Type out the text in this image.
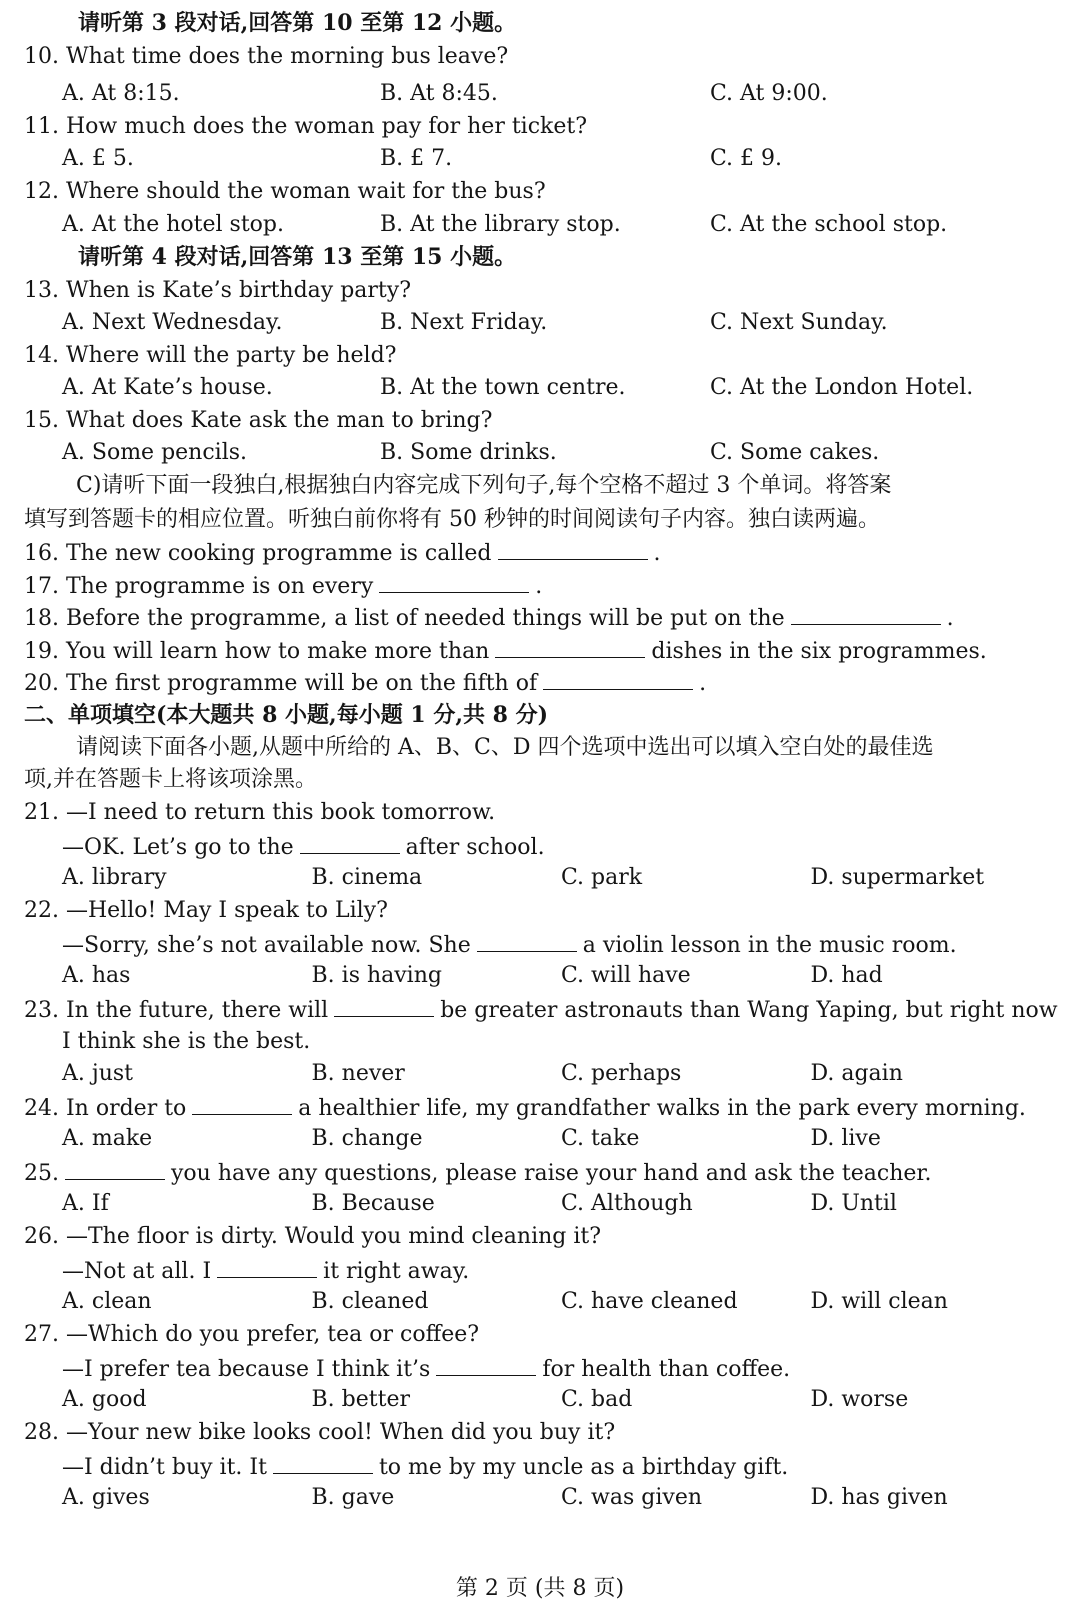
请听第 3 段对话,回答第 10 至第 12 小题。
10. What time does the morning bus leave?
A. At 8:15.	B. At 8:45.	C. At 9:00.
11. How much does the woman pay for her ticket?
A. £ 5.	B. £ 7.	C. £ 9.
12. Where should the woman wait for the bus?
A. At the hotel stop.	B. At the library stop.	C. At the school stop.
请听第 4 段对话,回答第 13 至第 15 小题。
13. When is Kate’s birthday party?
A. Next Wednesday.	B. Next Friday.	C. Next Sunday.
14. Where will the party be held?
A. At Kate’s house.	B. At the town centre.	C. At the London Hotel.
15. What does Kate ask the man to bring?
A. Some pencils.	B. Some drinks.	C. Some cakes.
C)请听下面一段独白,根据独白内容完成下列句子,每个空格不超过 3 个单词。将答案
填写到答题卡的相应位置。听独白前你将有 50 秒钟的时间阅读句子内容。独白读两遍。
16. The new cooking programme is called	.
17. The programme is on every	.
18. Before the programme, a list of needed things will be put on the	.
19. You will learn how to make more than	dishes in the six programmes.
20. The first programme will be on the fifth of	.
二、单项填空(本大题共 8 小题,每小题 1 分,共 8 分)
请阅读下面各小题,从题中所给的 A、B、C、D 四个选项中选出可以填入空白处的最佳选
项,并在答题卡上将该项涂黑。
21. —I need to return this book tomorrow.
—OK. Let’s go to the	after school.
A. library	B. cinema	C. park	D. supermarket
22. —Hello! May I speak to Lily?
—Sorry, she’s not available now. She	a violin lesson in the music room.
A. has	B. is having	C. will have	D. had
23. In the future, there will	be greater astronauts than Wang Yaping, but right now
I think she is the best.
A. just	B. never	C. perhaps	D. again
24. In order to	a healthier life, my grandfather walks in the park every morning.
A. make	B. change	C. take	D. live
25.	you have any questions, please raise your hand and ask the teacher.
A. If	B. Because	C. Although	D. Until
26. —The floor is dirty. Would you mind cleaning it?
—Not at all. I	it right away.
A. clean	B. cleaned	C. have cleaned	D. will clean
27. —Which do you prefer, tea or coffee?
—I prefer tea because I think it’s	for health than coffee.
A. good	B. better	C. bad	D. worse
28. —Your new bike looks cool! When did you buy it?
—I didn’t buy it. It	to me by my uncle as a birthday gift.
A. gives	B. gave	C. was given	D. has given
第 2 页 (共 8 页)
